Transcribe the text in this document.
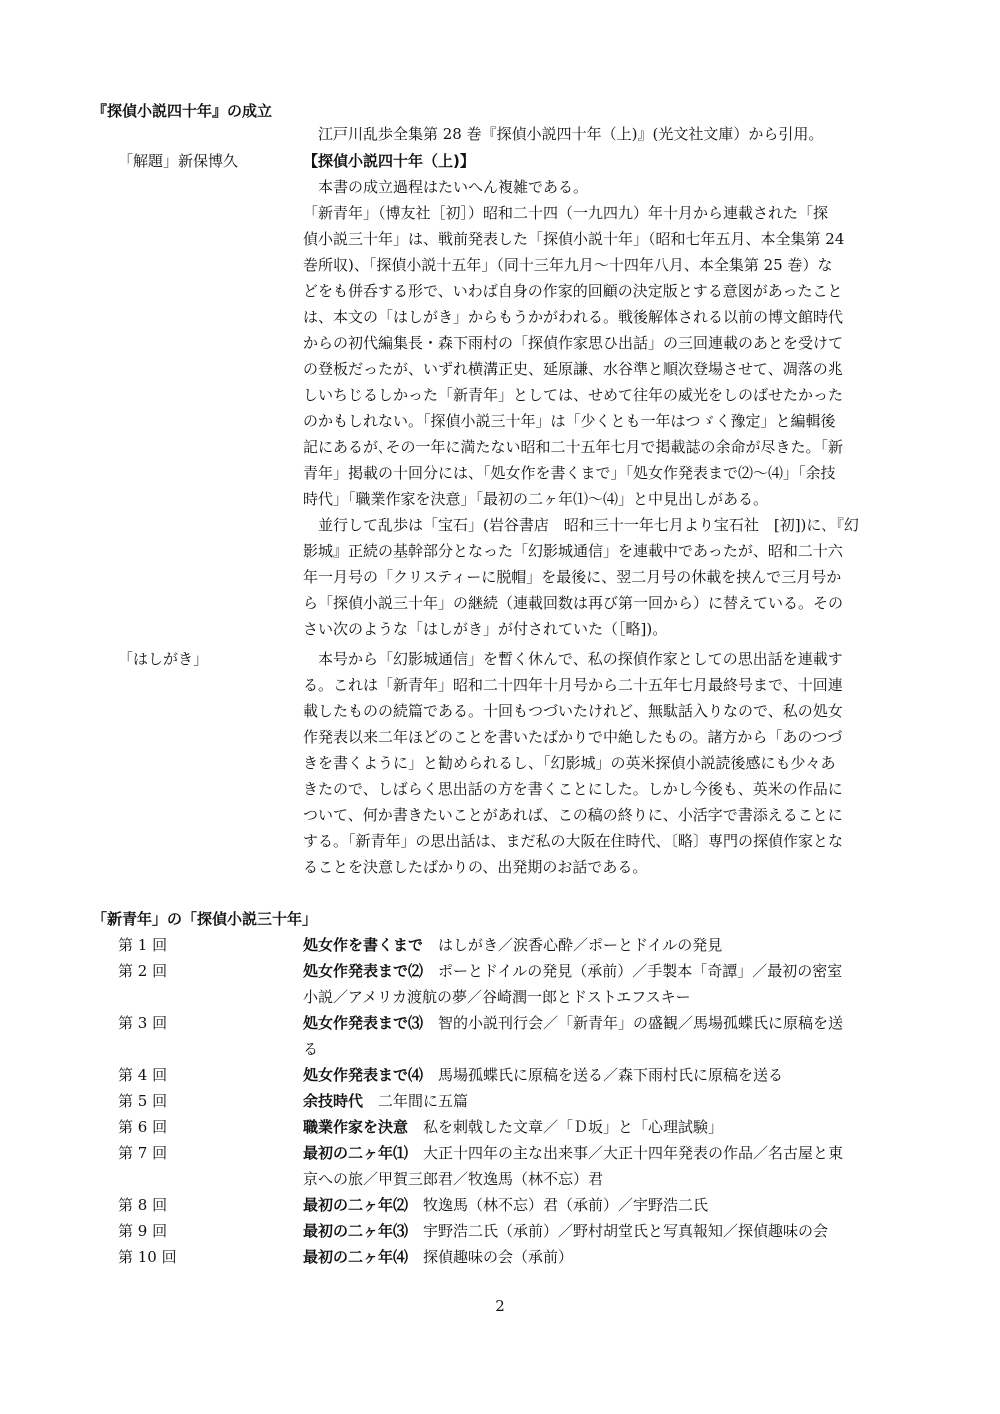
『探偵小説四十年』の成立
江戸川乱歩全集第 28 巻『探偵小説四十年（上)』(光文社文庫）から引用。
「解題」新保博久	【探偵小説四十年（上)】
　本書の成立過程はたいへん複雑である。
「新青年」（博友社［初］）昭和二十四（一九四九）年十月から連載された「探
偵小説三十年」は、戦前発表した「探偵小説十年」（昭和七年五月、本全集第 24
巻所収)、「探偵小説十五年」（同十三年九月〜十四年八月、本全集第 25 巻）な
どをも併呑する形で、いわば自身の作家的回顧の決定版とする意図があったこと
は、本文の「はしがき」からもうかがわれる。戦後解体される以前の博文館時代
からの初代編集長・森下雨村の「探偵作家思ひ出話」の三回連載のあとを受けて
の登板だったが、いずれ横溝正史、延原謙、水谷準と順次登場させて、凋落の兆
しいちじるしかった「新青年」としては、せめて往年の威光をしのばせたかった
のかもしれない。「探偵小説三十年」は「少くとも一年はつゞく豫定」と編輯後
記にあるが､その一年に満たない昭和二十五年七月で掲載誌の余命が尽きた。「新
青年」掲載の十回分には、「処女作を書くまで」「処女作発表まで⑵〜⑷」「余技
時代」「職業作家を決意」「最初の二ヶ年⑴〜⑷」と中見出しがある。
　並行して乱歩は「宝石」(岩谷書店　昭和三十一年七月より宝石社　[初])に､『幻
影城』正続の基幹部分となった「幻影城通信」を連載中であったが、昭和二十六
年一月号の「クリスティーに脱帽」を最後に、翌二月号の休載を挟んで三月号か
ら「探偵小説三十年」の継続（連載回数は再び第一回から）に替えている。その
さい次のような「はしがき」が付されていた（［略])。
「はしがき」	　本号から「幻影城通信」を暫く休んで、私の探偵作家としての思出話を連載す
る。これは「新青年」昭和二十四年十月号から二十五年七月最終号まで、十回連
載したものの続篇である。十回もつづいたけれど、無駄話入りなので、私の処女
作発表以来二年ほどのことを書いたばかりで中絶したもの。諸方から「あのつづ
きを書くように」と勧められるし、「幻影城」の英米探偵小説読後感にも少々あ
きたので、しばらく思出話の方を書くことにした。しかし今後も、英米の作品に
ついて、何か書きたいことがあれば、この稿の終りに、小活字で書添えることに
する。「新青年」の思出話は、まだ私の大阪在住時代、〔略〕専門の探偵作家とな
ることを決意したばかりの、出発期のお話である。
「新青年」の「探偵小説三十年」
第 1 回	処女作を書くまで　はしがき／涙香心酔／ポーとドイルの発見
第 2 回	処女作発表まで⑵　ポーとドイルの発見（承前）／手製本「奇譚」／最初の密室
小説／アメリカ渡航の夢／谷崎潤一郎とドストエフスキー
第 3 回	処女作発表まで⑶　智的小説刊行会／「新青年」の盛観／馬場孤蝶氏に原稿を送
る
第 4 回	処女作発表まで⑷　馬場孤蝶氏に原稿を送る／森下雨村氏に原稿を送る
第 5 回	余技時代　二年間に五篇
第 6 回	職業作家を決意　私を刺戟した文章／「Ｄ坂」と「心理試験」
第 7 回	最初の二ヶ年⑴　大正十四年の主な出来事／大正十四年発表の作品／名古屋と東
京への旅／甲賀三郎君／牧逸馬（林不忘）君
第 8 回	最初の二ヶ年⑵　牧逸馬（林不忘）君（承前）／宇野浩二氏
第 9 回	最初の二ヶ年⑶　宇野浩二氏（承前）／野村胡堂氏と写真報知／探偵趣味の会
第 10 回	最初の二ヶ年⑷　探偵趣味の会（承前）
2
